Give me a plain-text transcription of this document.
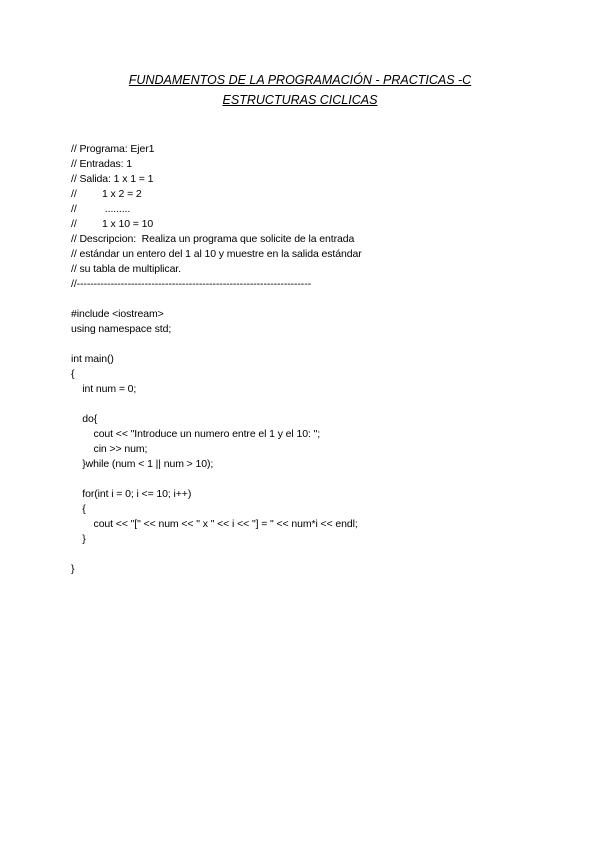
FUNDAMENTOS DE LA PROGRAMACIÓN - PRACTICAS -C
ESTRUCTURAS CICLICAS
// Programa: Ejer1
// Entradas: 1
// Salida: 1 x 1 = 1
//         1 x 2 = 2
//          .........
//         1 x 10 = 10
// Descripcion:  Realiza un programa que solicite de la entrada
// estándar un entero del 1 al 10 y muestre en la salida estándar
// su tabla de multiplicar.
//---------------------------------------------------------------------
#include <iostream>
using namespace std;
int main()
{
int num = 0;
do{
cout << "Introduce un numero entre el 1 y el 10: ";
cin >> num;
}while (num < 1 || num > 10);
for(int i = 0; i <= 10; i++)
{
cout << "[" << num << " x " << i << "] = " << num*i << endl;
}
}
